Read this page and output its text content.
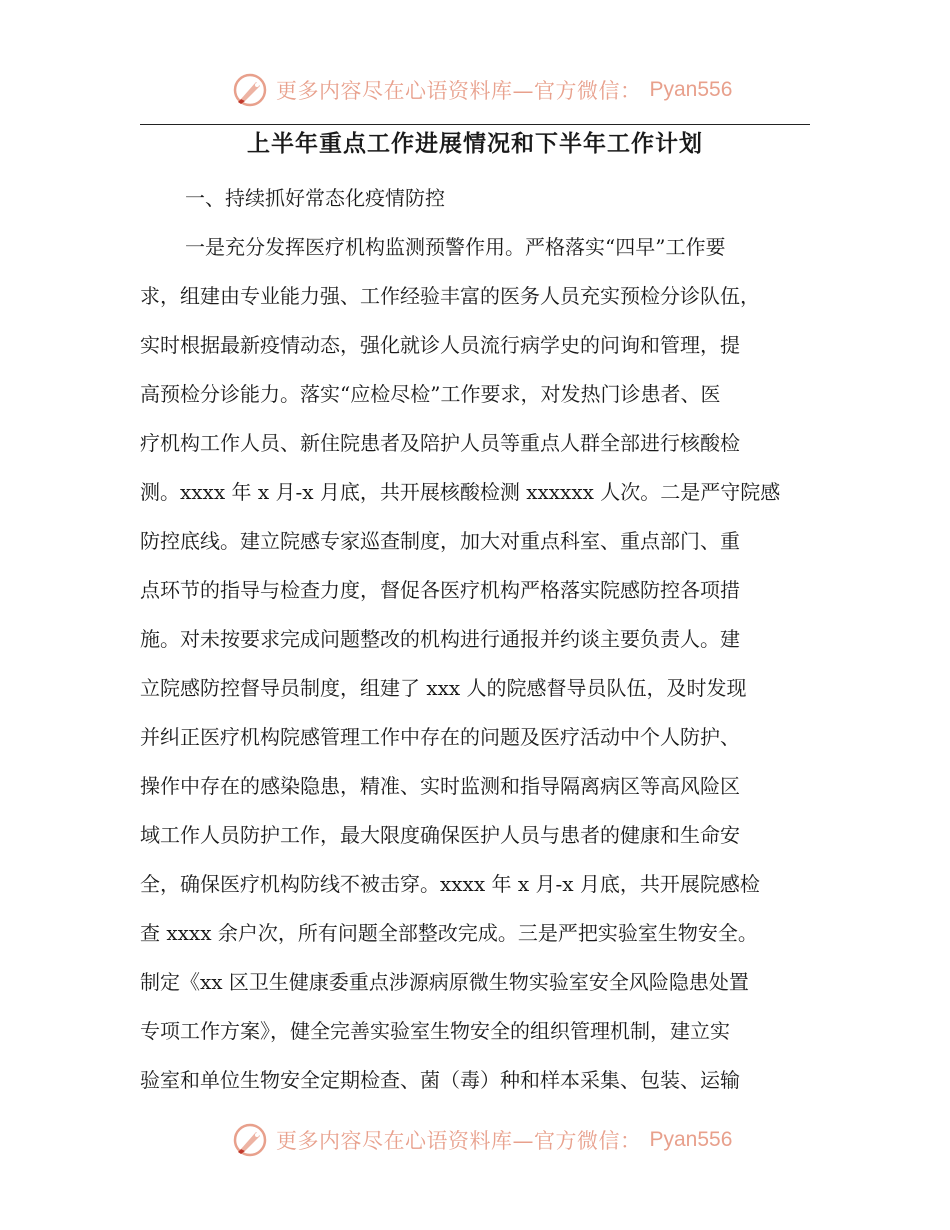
更多内容尽在心语资料库—官方微信： Pyan556
上半年重点工作进展情况和下半年工作计划
一、持续抓好常态化疫情防控
一是充分发挥医疗机构监测预警作用。严格落实“四早”工作要
求，组建由专业能力强、工作经验丰富的医务人员充实预检分诊队伍，
实时根据最新疫情动态，强化就诊人员流行病学史的问询和管理，提
高预检分诊能力。落实“应检尽检”工作要求，对发热门诊患者、医
疗机构工作人员、新住院患者及陪护人员等重点人群全部进行核酸检
测。xxxx 年 x 月-x 月底，共开展核酸检测 xxxxxx 人次。二是严守院感
防控底线。建立院感专家巡查制度，加大对重点科室、重点部门、重
点环节的指导与检查力度，督促各医疗机构严格落实院感防控各项措
施。对未按要求完成问题整改的机构进行通报并约谈主要负责人。建
立院感防控督导员制度，组建了 xxx 人的院感督导员队伍，及时发现
并纠正医疗机构院感管理工作中存在的问题及医疗活动中个人防护、
操作中存在的感染隐患，精准、实时监测和指导隔离病区等高风险区
域工作人员防护工作，最大限度确保医护人员与患者的健康和生命安
全，确保医疗机构防线不被击穿。xxxx 年 x 月-x 月底，共开展院感检
查 xxxx 余户次，所有问题全部整改完成。三是严把实验室生物安全。
制定《xx 区卫生健康委重点涉源病原微生物实验室安全风险隐患处置
专项工作方案》，健全完善实验室生物安全的组织管理机制，建立实
验室和单位生物安全定期检查、菌（毒）种和样本采集、包装、运输
更多内容尽在心语资料库—官方微信： Pyan556
